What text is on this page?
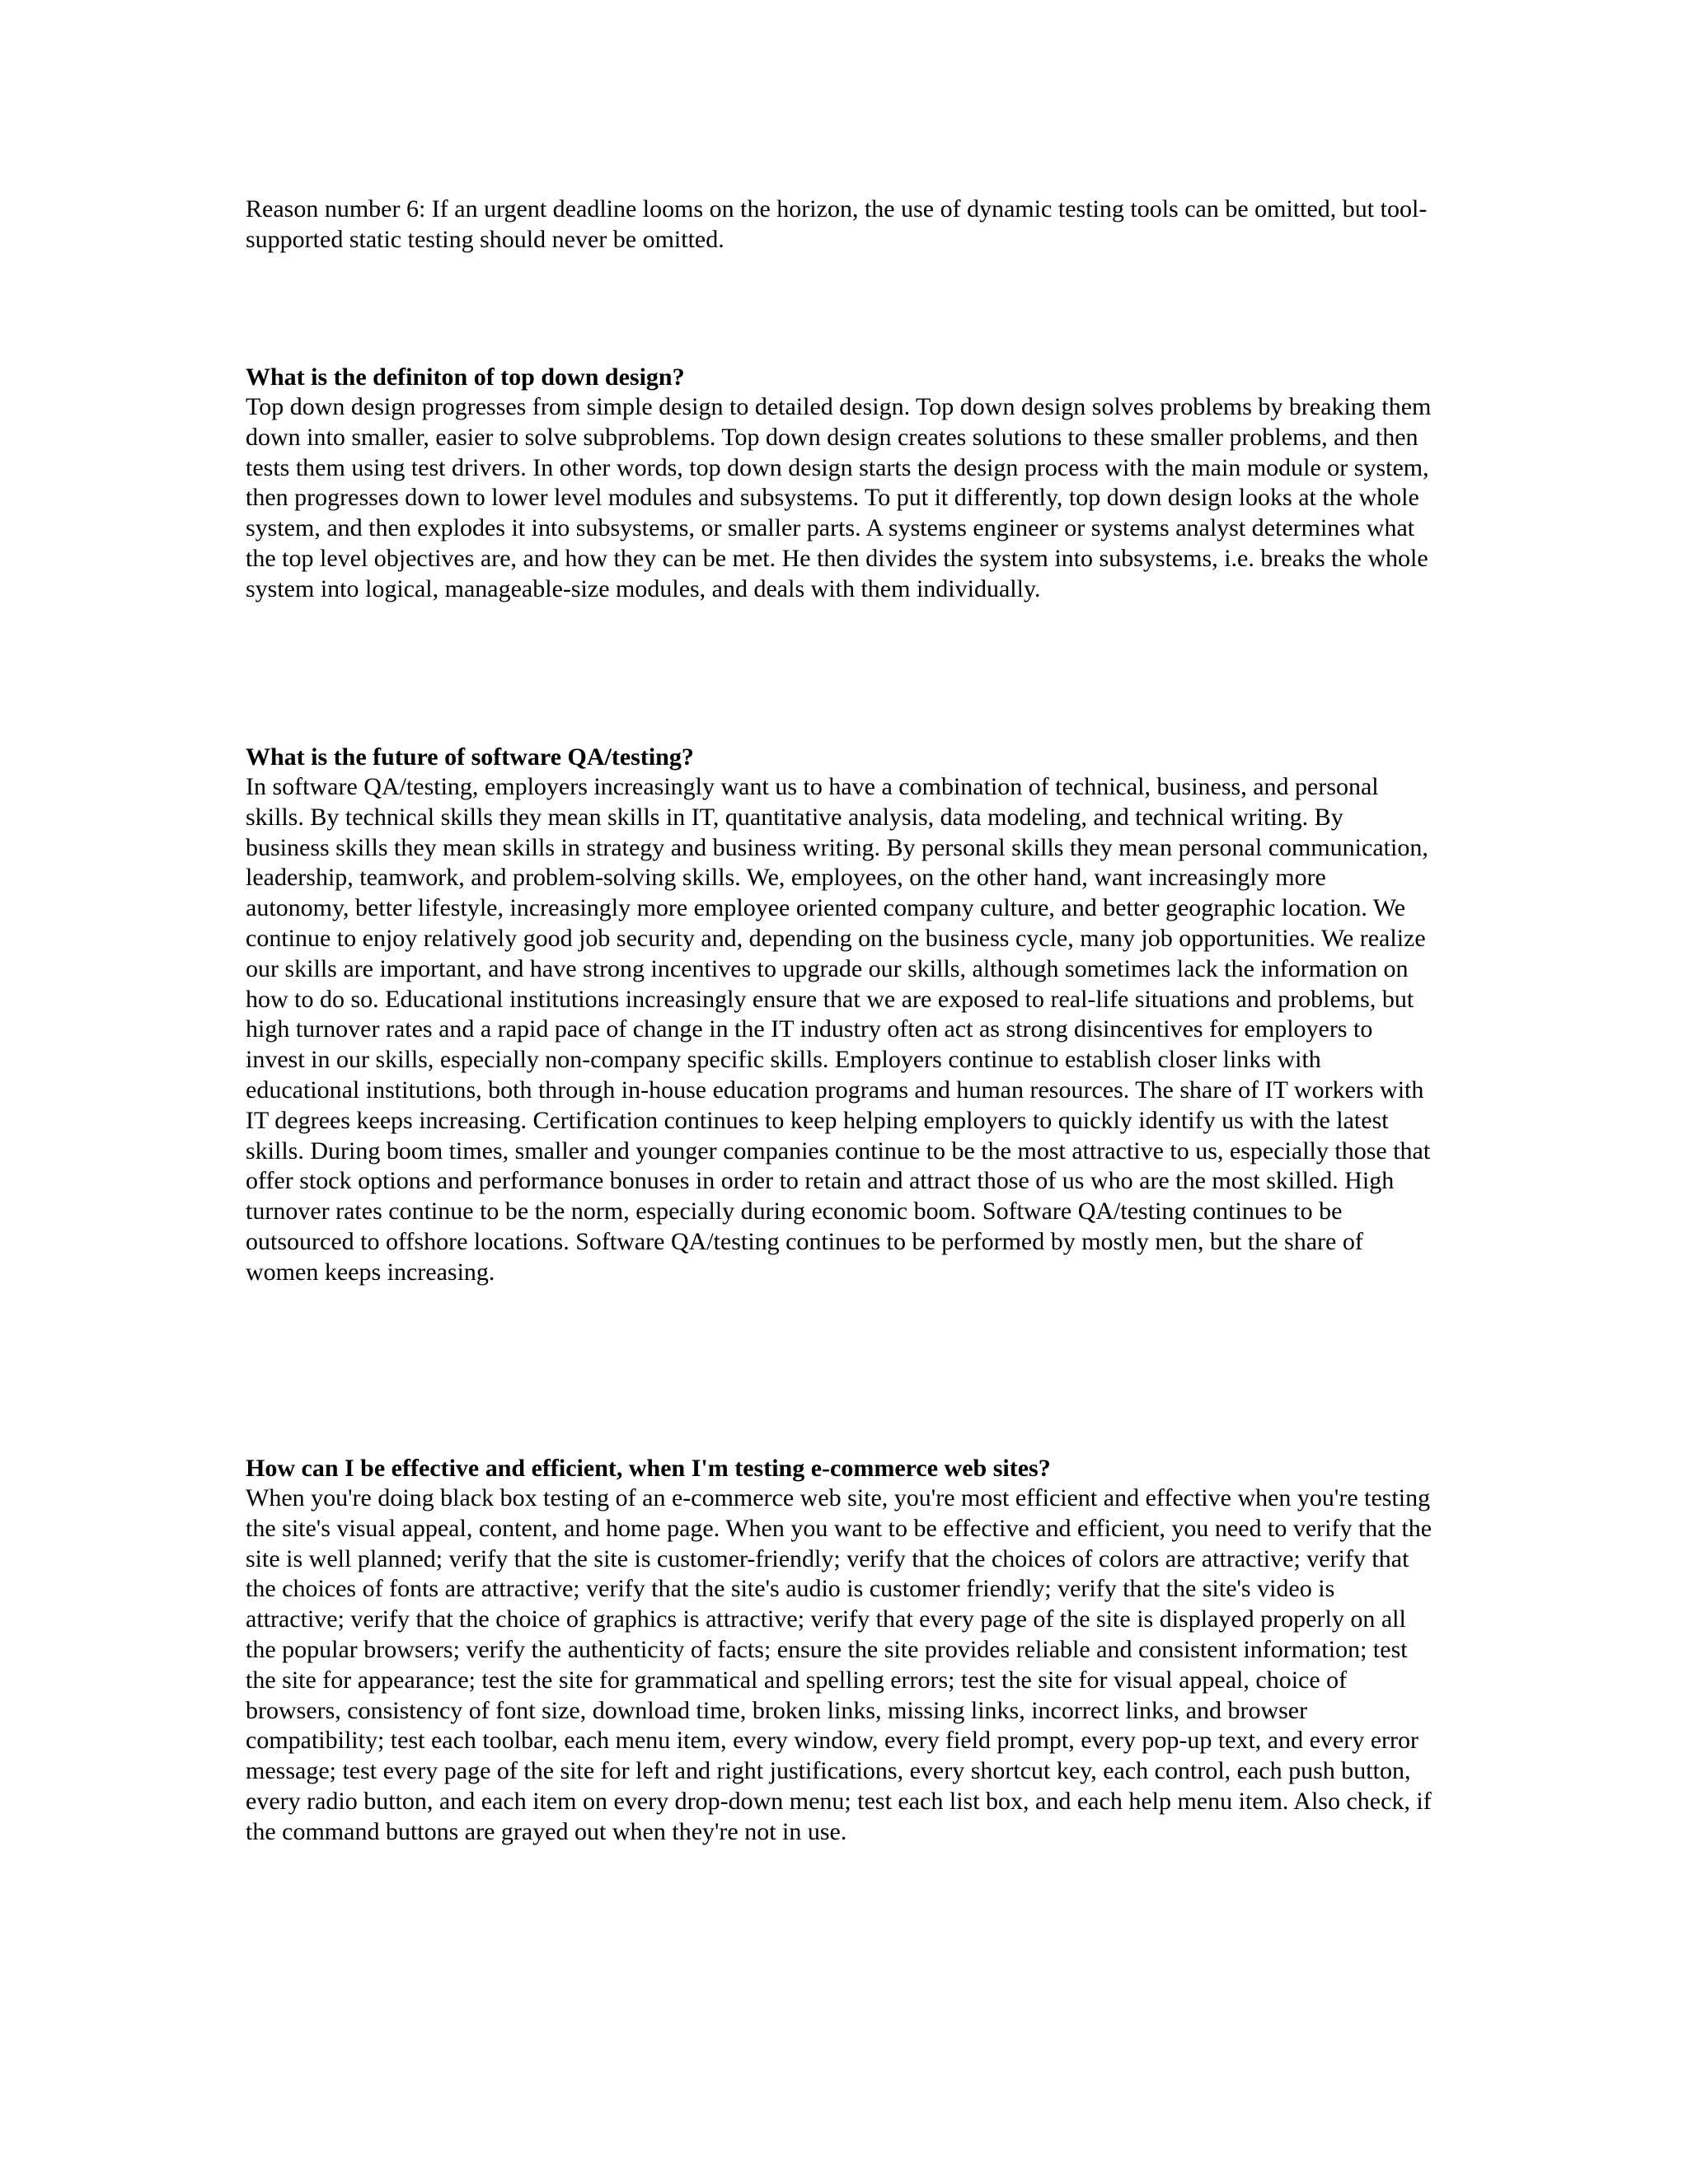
Reason number 6: If an urgent deadline looms on the horizon, the use of dynamic testing tools can be omitted, but tool-supported static testing should never be omitted.

What is the definiton of top down design?

Top down design progresses from simple design to detailed design. Top down design solves problems by breaking them down into smaller, easier to solve subproblems. Top down design creates solutions to these smaller problems, and then tests them using test drivers. In other words, top down design starts the design process with the main module or system, then progresses down to lower level modules and subsystems. To put it differently, top down design looks at the whole system, and then explodes it into subsystems, or smaller parts. A systems engineer or systems analyst determines what the top level objectives are, and how they can be met. He then divides the system into subsystems, i.e. breaks the whole system into logical, manageable-size modules, and deals with them individually.

What is the future of software QA/testing?

In software QA/testing, employers increasingly want us to have a combination of technical, business, and personal skills. By technical skills they mean skills in IT, quantitative analysis, data modeling, and technical writing. By business skills they mean skills in strategy and business writing. By personal skills they mean personal communication, leadership, teamwork, and problem-solving skills. We, employees, on the other hand, want increasingly more autonomy, better lifestyle, increasingly more employee oriented company culture, and better geographic location. We continue to enjoy relatively good job security and, depending on the business cycle, many job opportunities. We realize our skills are important, and have strong incentives to upgrade our skills, although sometimes lack the information on how to do so. Educational institutions increasingly ensure that we are exposed to real-life situations and problems, but high turnover rates and a rapid pace of change in the IT industry often act as strong disincentives for employers to invest in our skills, especially non-company specific skills. Employers continue to establish closer links with educational institutions, both through in-house education programs and human resources. The share of IT workers with IT degrees keeps increasing. Certification continues to keep helping employers to quickly identify us with the latest skills. During boom times, smaller and younger companies continue to be the most attractive to us, especially those that offer stock options and performance bonuses in order to retain and attract those of us who are the most skilled. High turnover rates continue to be the norm, especially during economic boom. Software QA/testing continues to be outsourced to offshore locations. Software QA/testing continues to be performed by mostly men, but the share of women keeps increasing.

How can I be effective and efficient, when I'm testing e-commerce web sites?

When you're doing black box testing of an e-commerce web site, you're most efficient and effective when you're testing the site's visual appeal, content, and home page. When you want to be effective and efficient, you need to verify that the site is well planned; verify that the site is customer-friendly; verify that the choices of colors are attractive; verify that the choices of fonts are attractive; verify that the site's audio is customer friendly; verify that the site's video is attractive; verify that the choice of graphics is attractive; verify that every page of the site is displayed properly on all the popular browsers; verify the authenticity of facts; ensure the site provides reliable and consistent information; test the site for appearance; test the site for grammatical and spelling errors; test the site for visual appeal, choice of browsers, consistency of font size, download time, broken links, missing links, incorrect links, and browser compatibility; test each toolbar, each menu item, every window, every field prompt, every pop-up text, and every error message; test every page of the site for left and right justifications, every shortcut key, each control, each push button, every radio button, and each item on every drop-down menu; test each list box, and each help menu item. Also check, if the command buttons are grayed out when they're not in use.
